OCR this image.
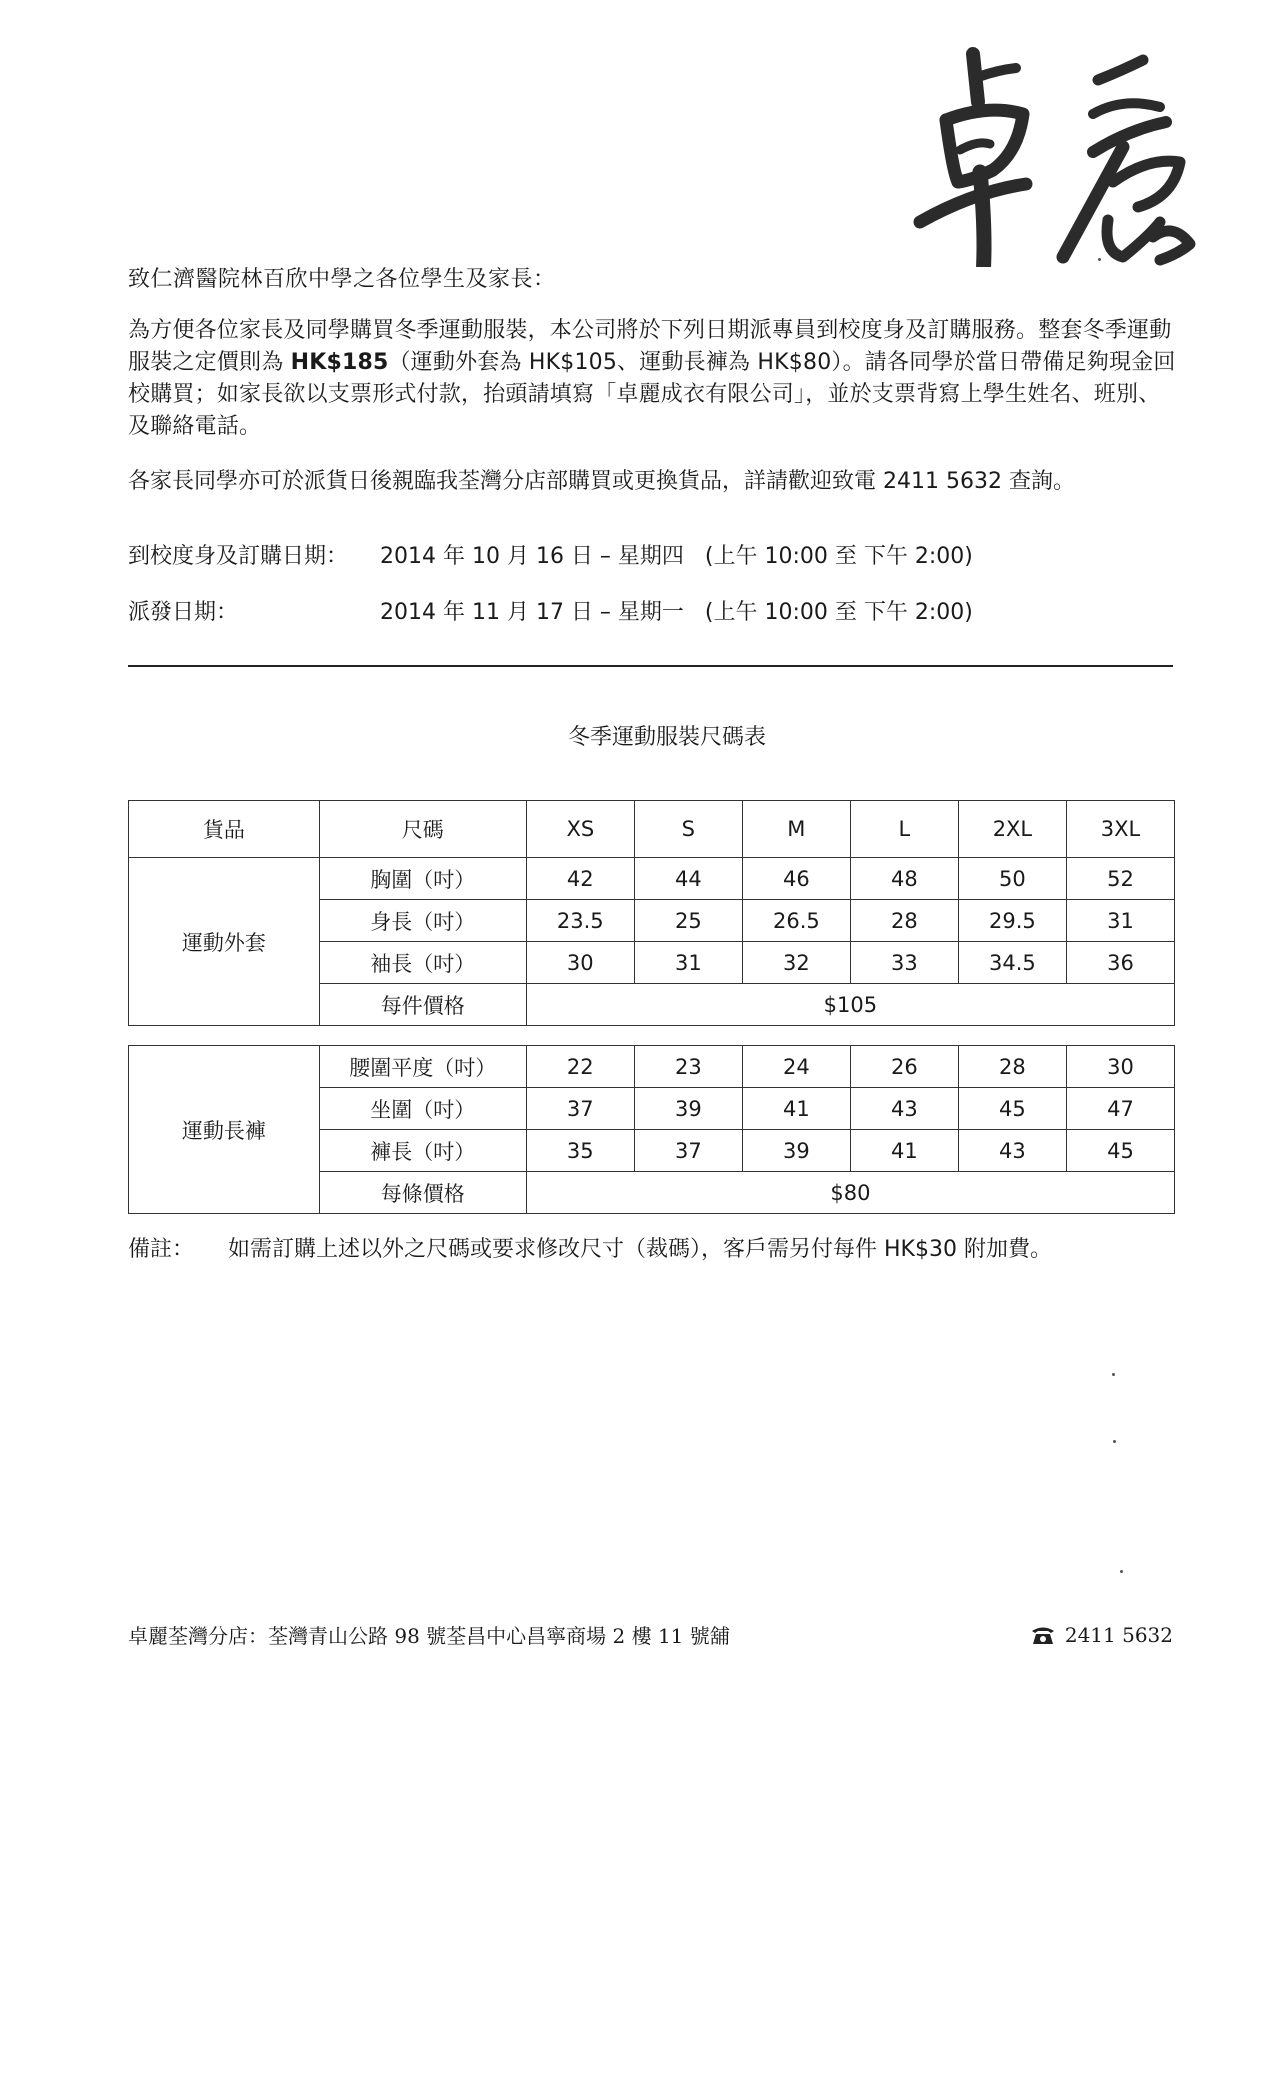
致仁濟醫院林百欣中學之各位學生及家長：
為方便各位家長及同學購買冬季運動服裝，本公司將於下列日期派專員到校度身及訂購服務。整套冬季運動服裝之定價則為 HK$185（運動外套為 HK$105、運動長褲為 HK$80）。請各同學於當日帶備足夠現金回校購買；如家長欲以支票形式付款，抬頭請填寫「卓麗成衣有限公司」，並於支票背寫上學生姓名、班別、及聯絡電話。
各家長同學亦可於派貨日後親臨我荃灣分店部購買或更換貨品，詳請歡迎致電 2411 5632 查詢。
到校度身及訂購日期：	2014 年 10 月 16 日 – 星期四   (上午 10:00 至 下午 2:00)
派發日期：	2014 年 11 月 17 日 – 星期一   (上午 10:00 至 下午 2:00)
冬季運動服裝尺碼表
貨品	尺碼	XS	S	M	L	2XL	3XL
運動外套	胸圍（吋）	42	44	46	48	50	52
	身長（吋）	23.5	25	26.5	28	29.5	31
	袖長（吋）	30	31	32	33	34.5	36
	每件價格	$105					
運動長褲	腰圍平度（吋）	22	23	24	26	28	30
	坐圍（吋）	37	39	41	43	45	47
	褲長（吋）	35	37	39	41	43	45
	每條價格	$80					
備註：	如需訂購上述以外之尺碼或要求修改尺寸（裁碼），客戶需另付每件 HK$30 附加費。
卓麗荃灣分店：荃灣青山公路 98 號荃昌中心昌寧商場 2 樓 11 號舖	2411 5632
